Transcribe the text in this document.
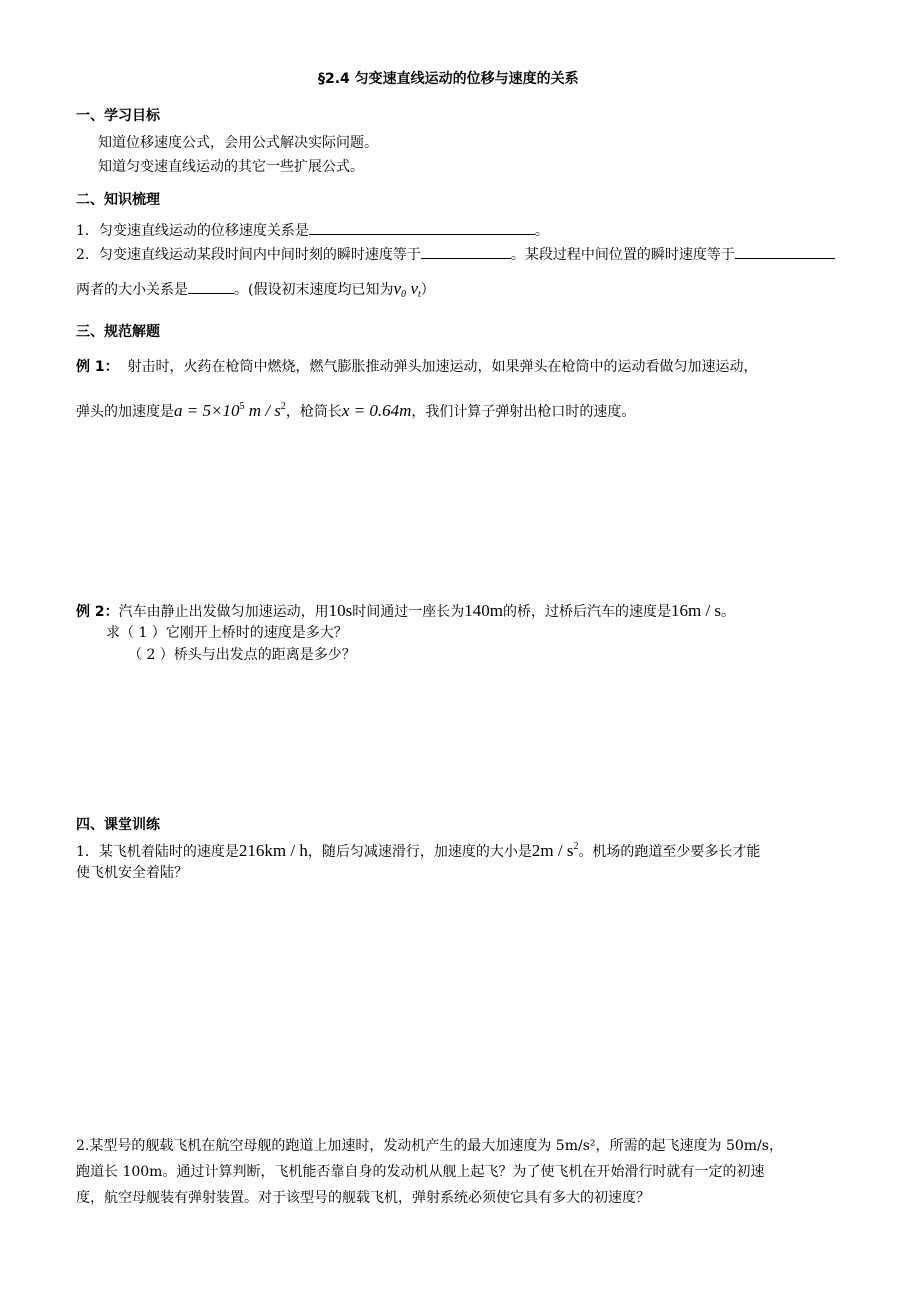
§2.4 匀变速直线运动的位移与速度的关系
一、学习目标
知道位移速度公式，会用公式解决实际问题。
知道匀变速直线运动的其它一些扩展公式。
二、知识梳理
1．匀变速直线运动的位移速度关系是	。
2．匀变速直线运动某段时间内中间时刻的瞬时速度等于	。某段过程中间位置的瞬时速度等于
两者的大小关系是	。(假设初末速度均已知为$v_0$ $v_t$）
三、规范解题
例 1： 射击时，火药在枪筒中燃烧，燃气膨胀推动弹头加速运动，如果弹头在枪筒中的运动看做匀加速运动，
弹头的加速度是$a = 5\times 10^5$ m / $s^2$，枪筒长x = 0.64m，我们计算子弹射出枪口时的速度。
例 2：汽车由静止出发做匀加速运动，用10s时间通过一座长为140m的桥，过桥后汽车的速度是16m / s。
求（ 1 ）它刚开上桥时的速度是多大？
（ 2 ）桥头与出发点的距离是多少？
四、课堂训练
1．某飞机着陆时的速度是216km / h，随后匀减速滑行，加速度的大小是$2m / s^2$。机场的跑道至少要多长才能
使飞机安全着陆？
2.某型号的舰载飞机在航空母舰的跑道上加速时，发动机产生的最大加速度为 5m/s²，所需的起飞速度为 50m/s，
跑道长 100m。通过计算判断，飞机能否靠自身的发动机从舰上起飞？为了使飞机在开始滑行时就有一定的初速
度，航空母舰装有弹射装置。对于该型号的舰载飞机，弹射系统必须使它具有多大的初速度？
